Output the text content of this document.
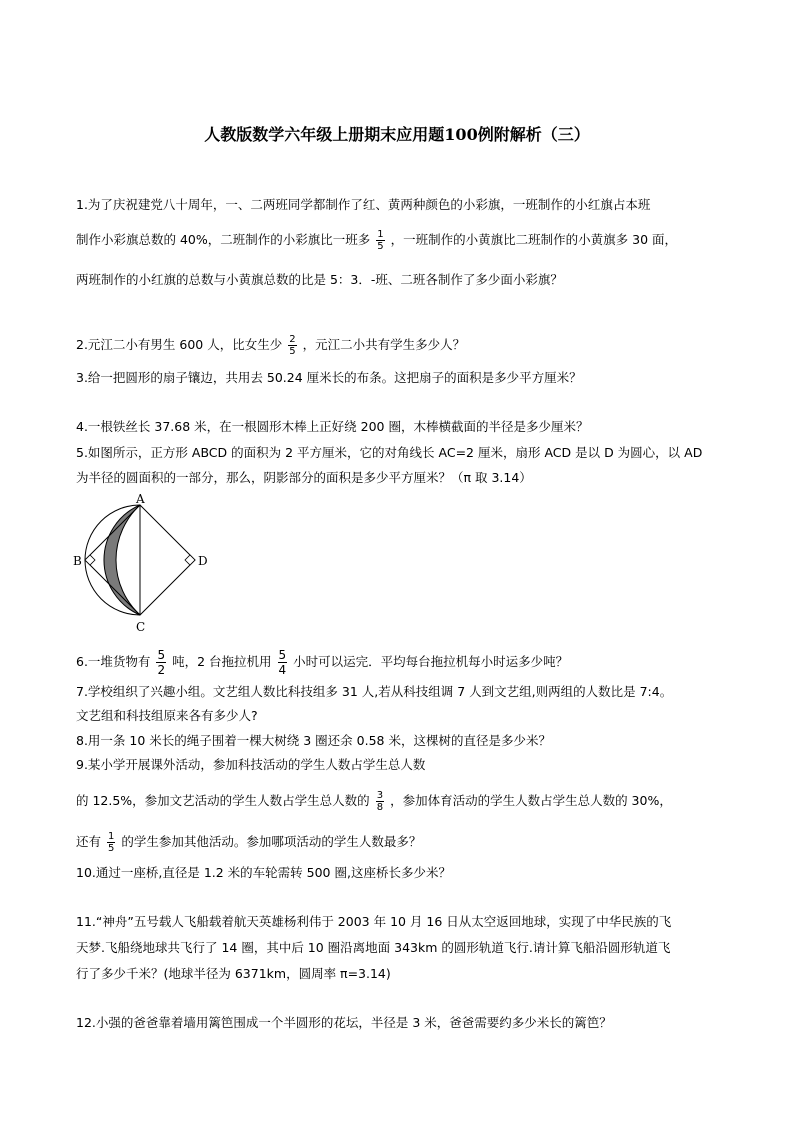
人教版数学六年级上册期末应用题100例附解析（三）
1.为了庆祝建党八十周年，一、二两班同学都制作了红、黄两种颜色的小彩旗，一班制作的小红旗占本班
制作小彩旗总数的 40%，二班制作的小彩旗比一班多 $\frac{1}{5}$ ，一班制作的小黄旗比二班制作的小黄旗多 30 面，
两班制作的小红旗的总数与小黄旗总数的比是 5：3．-班、二班各制作了多少面小彩旗？
2.元江二小有男生 600 人，比女生少 $\frac{2}{5}$ ，元江二小共有学生多少人？
3.给一把圆形的扇子镶边，共用去 50.24 厘米长的布条。这把扇子的面积是多少平方厘米？
4.一根铁丝长 37.68 米，在一根圆形木棒上正好绕 200 圈，木棒横截面的半径是多少厘米？
5.如图所示，正方形 ABCD 的面积为 2 平方厘米，它的对角线长 AC=2 厘米，扇形 ACD 是以 D 为圆心，以 AD
为半径的圆面积的一部分，那么，阴影部分的面积是多少平方厘米？（π 取 3.14）
A
B
C
D
6.一堆货物有 $\frac{5}{2}$ 吨，2 台拖拉机用 $\frac{5}{4}$ 小时可以运完．平均每台拖拉机每小时运多少吨？
7.学校组织了兴趣小组。文艺组人数比科技组多 31 人,若从科技组调 7 人到文艺组,则两组的人数比是 7:4。
文艺组和科技组原来各有多少人?
8.用一条 10 米长的绳子围着一棵大树绕 3 圈还余 0.58 米，这棵树的直径是多少米？
9.某小学开展课外活动，参加科技活动的学生人数占学生总人数
的 12.5%，参加文艺活动的学生人数占学生总人数的 $\frac{3}{8}$ ，参加体育活动的学生人数占学生总人数的 30%，
还有 $\frac{1}{5}$ 的学生参加其他活动。参加哪项活动的学生人数最多？
10.通过一座桥,直径是 1.2 米的车轮需转 500 圈,这座桥长多少米？
11.“神舟”五号载人飞船载着航天英雄杨利伟于 2003 年 10 月 16 日从太空返回地球，实现了中华民族的飞
天梦.飞船绕地球共飞行了 14 圈，其中后 10 圈沿离地面 343km 的圆形轨道飞行.请计算飞船沿圆形轨道飞
行了多少千米？(地球半径为 6371km，圆周率 π=3.14)
12.小强的爸爸靠着墙用篱笆围成一个半圆形的花坛，半径是 3 米，爸爸需要约多少米长的篱笆？
